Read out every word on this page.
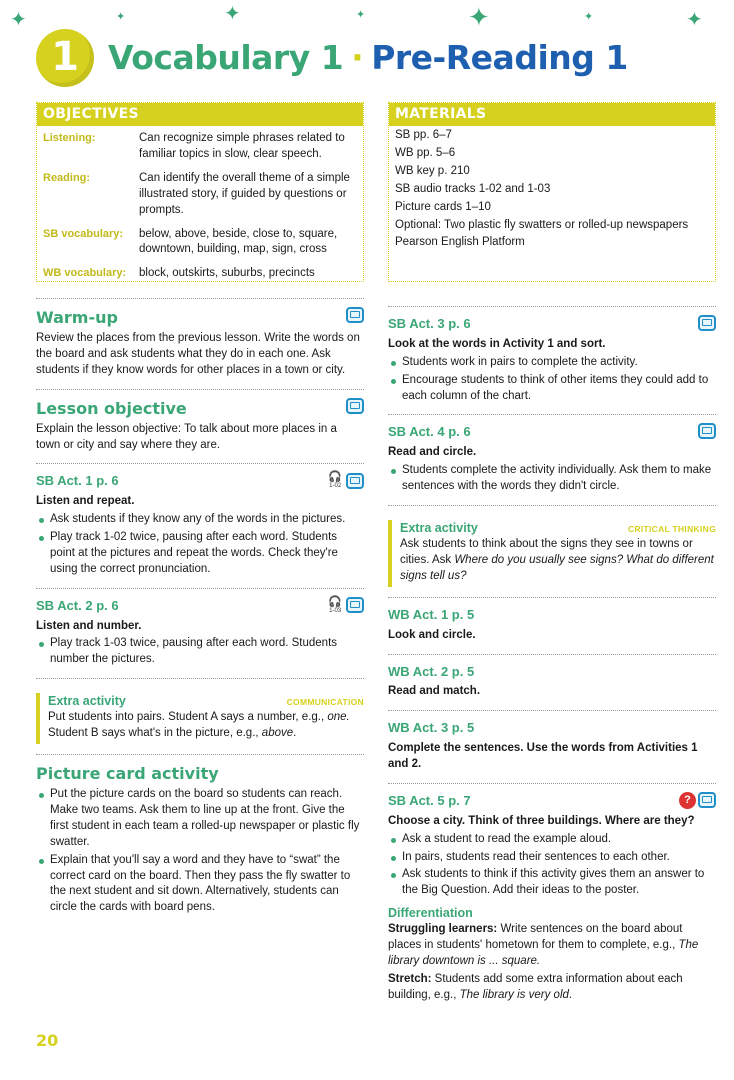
✦	✦	✦	✦	✦	✦	✦
1 Vocabulary 1 · Pre-Reading 1
OBJECTIVES
Listening:	Can recognize simple phrases related to familiar topics in slow, clear speech.
Reading:	Can identify the overall theme of a simple illustrated story, if guided by questions or prompts.
SB vocabulary:	below, above, beside, close to, square, downtown, building, map, sign, cross
WB vocabulary:	block, outskirts, suburbs, precincts
MATERIALS
SB pp. 6–7
WB pp. 5–6
WB key p. 210
SB audio tracks 1-02 and 1-03
Picture cards 1–10
Optional: Two plastic fly swatters or rolled-up newspapers
Pearson English Platform
Warm-up
Review the places from the previous lesson. Write the words on the board and ask students what they do in each one. Ask students if they know words for other places in a town or city.
Lesson objective
Explain the lesson objective: To talk about more places in a town or city and say where they are.
🎧
1-02
SB Act. 1 p. 6
Listen and repeat.
Ask students if they know any of the words in the pictures.
Play track 1-02 twice, pausing after each word. Students point at the pictures and repeat the words. Check they're using the correct pronunciation.
🎧
1-03
SB Act. 2 p. 6
Listen and number.
Play track 1-03 twice, pausing after each word. Students number the pictures.
Extra activity	COMMUNICATION
Put students into pairs. Student A says a number, e.g., one. Student B says what's in the picture, e.g., above.
Picture card activity
Put the picture cards on the board so students can reach. Make two teams. Ask them to line up at the front. Give the first student in each team a rolled-up newspaper or plastic fly swatter.
Explain that you'll say a word and they have to “swat” the correct card on the board. Then they pass the fly swatter to the next student and sit down. Alternatively, students can circle the cards with board pens.
SB Act. 3 p. 6
Look at the words in Activity 1 and sort.
Students work in pairs to complete the activity.
Encourage students to think of other items they could add to each column of the chart.
SB Act. 4 p. 6
Read and circle.
Students complete the activity individually. Ask them to make sentences with the words they didn't circle.
Extra activity	CRITICAL THINKING
Ask students to think about the signs they see in towns or cities. Ask Where do you usually see signs? What do different signs tell us?
WB Act. 1 p. 5
Look and circle.
WB Act. 2 p. 5
Read and match.
WB Act. 3 p. 5
Complete the sentences. Use the words from Activities 1 and 2.
?
SB Act. 5 p. 7
Choose a city. Think of three buildings. Where are they?
Ask a student to read the example aloud.
In pairs, students read their sentences to each other.
Ask students to think if this activity gives them an answer to the Big Question. Add their ideas to the poster.
Differentiation
Struggling learners: Write sentences on the board about places in students' hometown for them to complete, e.g., The library downtown is ... square.
Stretch: Students add some extra information about each building, e.g., The library is very old.
20
